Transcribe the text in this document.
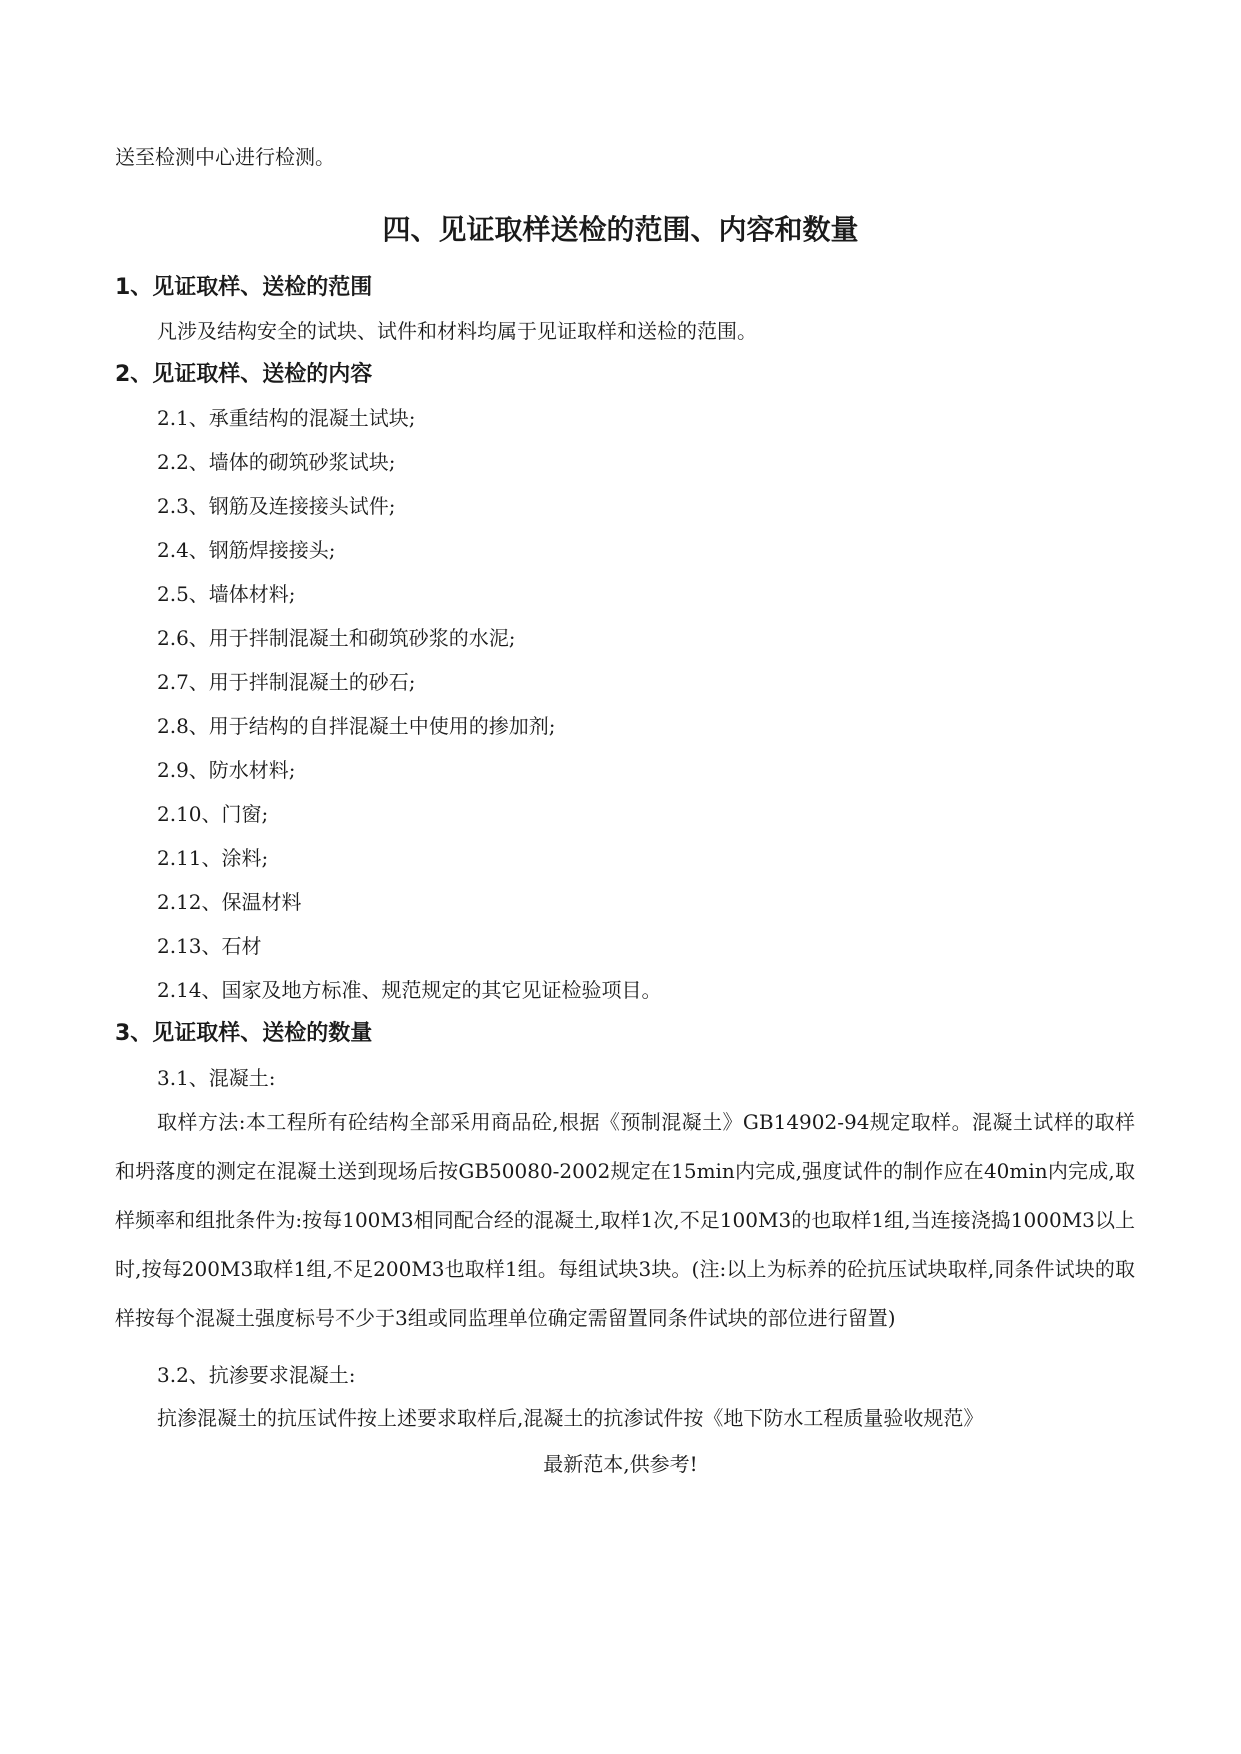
送至检测中心进行检测。
四、见证取样送检的范围、内容和数量
1、见证取样、送检的范围
凡涉及结构安全的试块、试件和材料均属于见证取样和送检的范围。
2、见证取样、送检的内容
2.1、承重结构的混凝土试块;
2.2、墙体的砌筑砂浆试块;
2.3、钢筋及连接接头试件;
2.4、钢筋焊接接头;
2.5、墙体材料;
2.6、用于拌制混凝土和砌筑砂浆的水泥;
2.7、用于拌制混凝土的砂石;
2.8、用于结构的自拌混凝土中使用的掺加剂;
2.9、防水材料;
2.10、门窗;
2.11、涂料;
2.12、保温材料
2.13、石材
2.14、国家及地方标准、规范规定的其它见证检验项目。
3、见证取样、送检的数量
3.1、混凝土:
取样方法:本工程所有砼结构全部采用商品砼,根据《预制混凝土》GB14902-94规定取样。混凝土试样的取样和坍落度的测定在混凝土送到现场后按GB50080-2002规定在15min内完成,强度试件的制作应在40min内完成,取样频率和组批条件为:按每100M3相同配合经的混凝土,取样1次,不足100M3的也取样1组,当连接浇捣1000M3以上时,按每200M3取样1组,不足200M3也取样1组。每组试块3块。(注:以上为标养的砼抗压试块取样,同条件试块的取样按每个混凝土强度标号不少于3组或同监理单位确定需留置同条件试块的部位进行留置)
3.2、抗渗要求混凝土:
抗渗混凝土的抗压试件按上述要求取样后,混凝土的抗渗试件按《地下防水工程质量验收规范》
最新范本,供参考!
